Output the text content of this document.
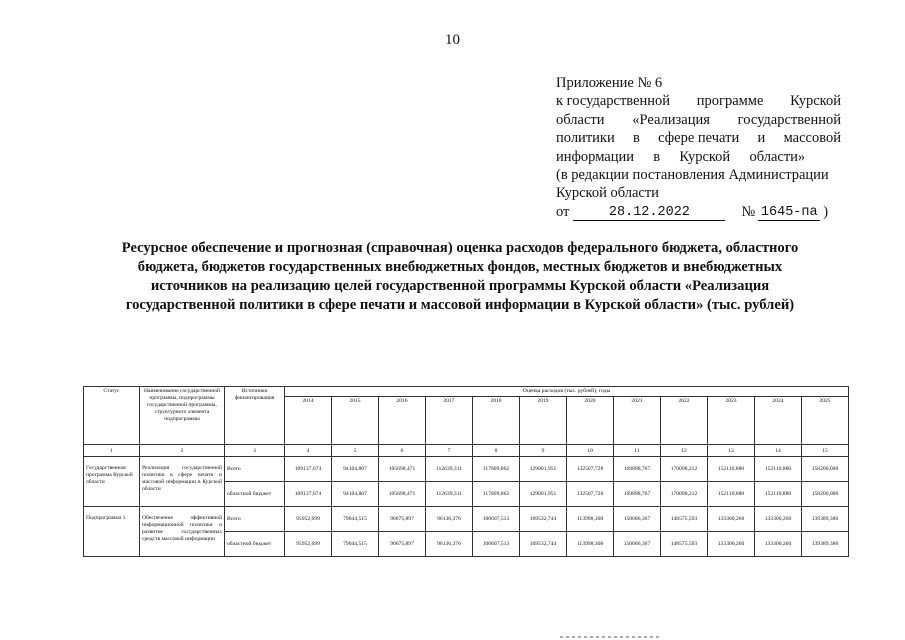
10
Приложение № 6
к государственной программе Курской
области «Реализация государственной
политики в сфере печати и массовой
информации в Курской области»
(в редакции постановления Администрации
Курской области
от	28.12.2022	№ 1645-па )
Ресурсное обеспечение и прогнозная (справочная) оценка расходов федерального бюджета, областного бюджета, бюджетов государственных внебюджетных фондов, местных бюджетов и внебюджетных источников на реализацию целей государственной программы Курской области «Реализация государственной политики в сфере печати и массовой информации в Курской области» (тыс. рублей)
Статус	Наименование государственной программы, подпрограммы государственной программы, структурного элемента подпрограммы	Источники финансирования	Оценка расходов (тыс. рублей), годы											
			2014	2015	2016	2017	2018	2019	2020	2021	2022	2023	2024	2025
1	2	3	4	5	6	7	8	9	10	11	12	13	14	15
Государственная программа Курской области	Реализация государственной политики в сфере печати и массовой информации в Курской области	Всего	109137,674	94104,807	105698,471	112639,311	117809,862	129001,951	132507,728	169898,767	170098,212	152110,880	152110,880	158200,000
		областной бюджет	109137,674	94104,807	105698,471	112639,311	117809,862	129001,951	132507,728	169898,767	170098,212	152110,880	152110,880	158200,000
Подпрограмма 1	Обеспечение эффективной информационной политики и развитие государственных средств массовой информации	Всего	95952,699	79044,515	90675,897	96136,376	100607,513	109532,744	113998,308	150686,367	148575,593	133300,260	133300,260	139389,380
		областной бюджет	95952,699	79044,515	90675,897	96136,376	100607,513	109532,744	113998,308	150686,367	148575,593	133300,260	133300,260	139389,380
